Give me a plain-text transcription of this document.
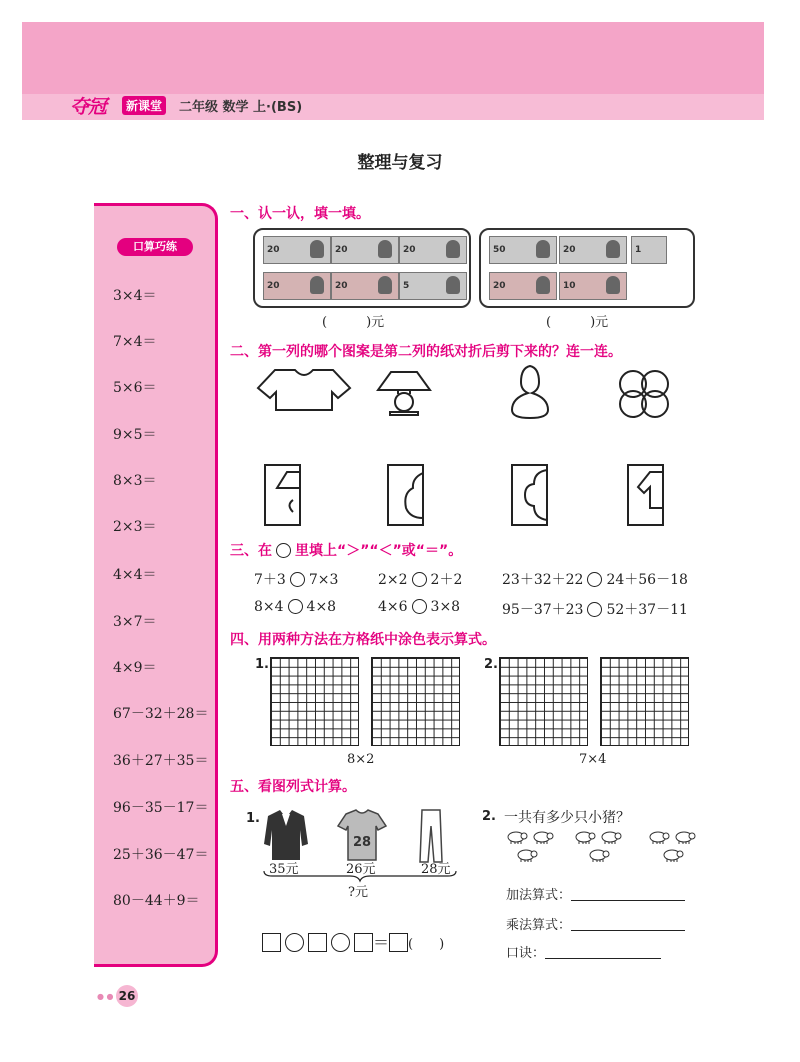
夺冠	新课堂	二年级 数学 上·(BS)
整理与复习
口算巧练
3×4＝
7×4＝
5×6＝
9×5＝
8×3＝
2×3＝
4×4＝
3×7＝
4×9＝
67－32＋28＝
36＋27＋35＝
96－35－17＝
25＋36－47＝
80－44＋9＝
一、认一认，填一填。
20	20	20
20	20	5
50	20	1
20	10
(　　　)元	(　　　)元
二、第一列的哪个图案是第二列的纸对折后剪下来的？连一连。
三、在 里填上“＞”“＜”或“＝”。
7＋3 7×3	2×2 2＋2	23＋32＋22 24＋56－18
8×4 4×8	4×6 3×8	95－37＋23 52＋37－11
四、用两种方法在方格纸中涂色表示算式。
1.
8×2
2.
7×4
五、看图列式计算。
1.
28
35元	26元	28元
?元
＝ (　　)
2. 一共有多少只小猪？
加法算式：
乘法算式：
口诀：
● ● 26
